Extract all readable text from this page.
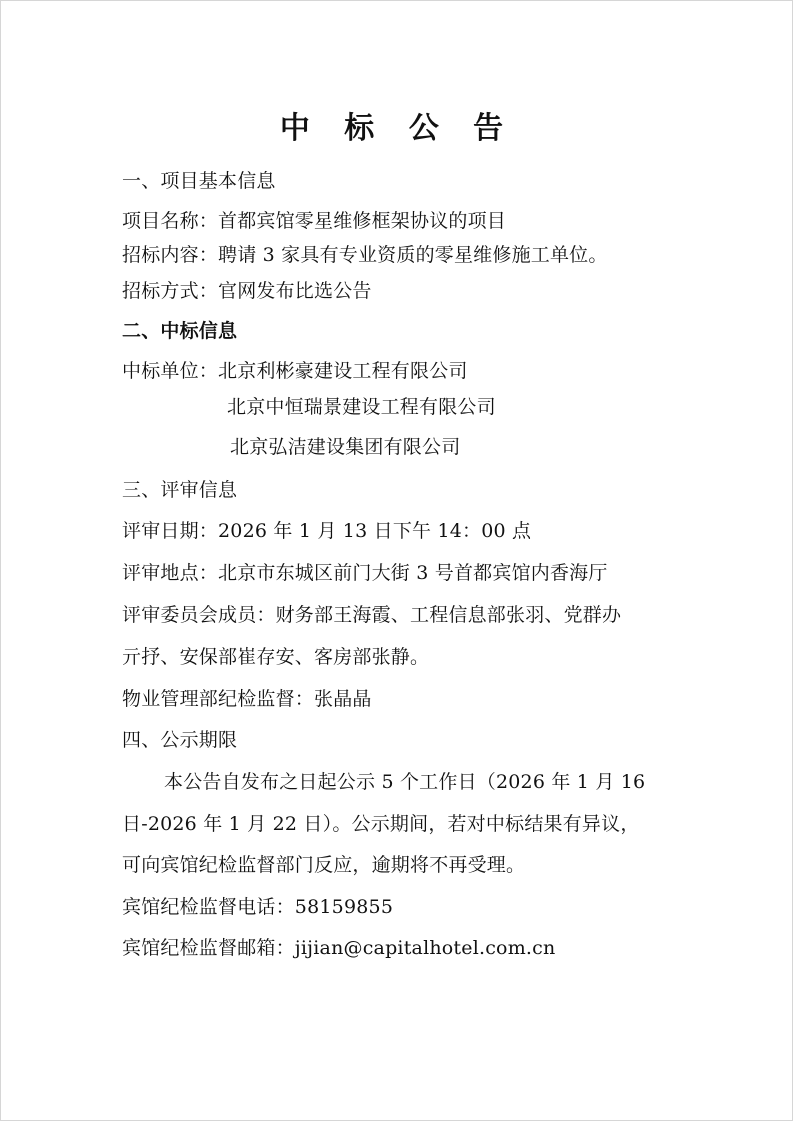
中 标 公 告
一、项目基本信息
项目名称：首都宾馆零星维修框架协议的项目
招标内容：聘请 3 家具有专业资质的零星维修施工单位。
招标方式：官网发布比选公告
二、中标信息
中标单位：北京利彬豪建设工程有限公司
北京中恒瑞景建设工程有限公司
北京弘洁建设集团有限公司
三、评审信息
评审日期：2026 年 1 月 13 日下午 14：00 点
评审地点：北京市东城区前门大街 3 号首都宾馆内香海厅
评审委员会成员：财务部王海霞、工程信息部张羽、党群办
亓抒、安保部崔存安、客房部张静。
物业管理部纪检监督：张晶晶
四、公示期限
本公告自发布之日起公示 5 个工作日（2026 年 1 月 16
日-2026 年 1 月 22 日）。公示期间，若对中标结果有异议，
可向宾馆纪检监督部门反应，逾期将不再受理。
宾馆纪检监督电话：58159855
宾馆纪检监督邮箱：jijian@capitalhotel.com.cn
